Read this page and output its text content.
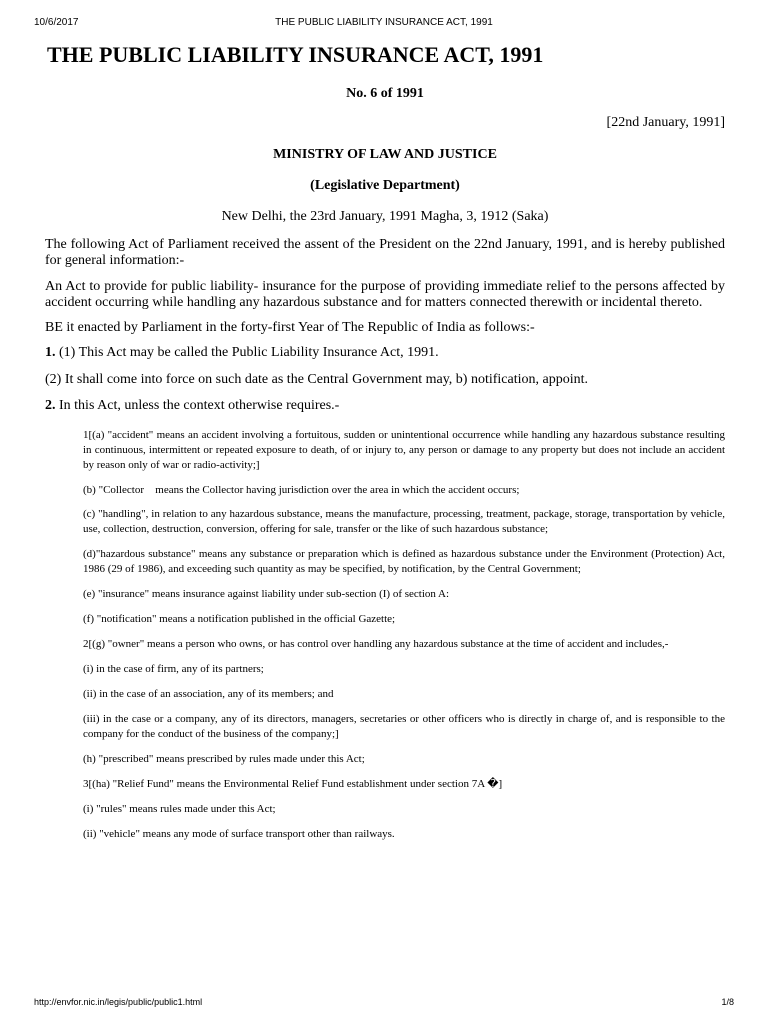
10/6/2017	THE PUBLIC LIABILITY INSURANCE ACT, 1991
THE PUBLIC LIABILITY INSURANCE ACT, 1991
No. 6 of 1991
[22nd January, 1991]
MINISTRY OF LAW AND JUSTICE
(Legislative Department)
New Delhi, the 23rd January, 1991 Magha, 3, 1912 (Saka)

The following Act of Parliament received the assent of the President on the 22nd January, 1991, and is hereby published for general information:-

An Act to provide for public liability- insurance for the purpose of providing immediate relief to the persons affected by accident occurring while handling any hazardous substance and for matters connected therewith or incidental thereto.

BE it enacted by Parliament in the forty-first Year of The Republic of India as follows:-

1. (1) This Act may be called the Public Liability Insurance Act, 1991.

(2) It shall come into force on such date as the Central Government may, b) notification, appoint.

2. In this Act, unless the context otherwise requires.-

1[(a) "accident" means an accident involving a fortuitous, sudden or unintentional occurrence while handling any hazardous substance resulting in continuous, intermittent or repeated exposure to death, of or injury to, any person or damage to any property but does not include an accident by reason only of war or radio-activity;]

(b) "Collector  means the Collector having jurisdiction over the area in which the accident occurs;

(c) "handling", in relation to any hazardous substance, means the manufacture, processing, treatment, package, storage, transportation by vehicle, use, collection, destruction, conversion, offering for sale, transfer or the like of such hazardous substance;

(d)"hazardous substance" means any substance or preparation which is defined as hazardous substance under the Environment (Protection) Act, 1986 (29 of 1986), and exceeding such quantity as may be specified, by notification, by the Central Government;

(e) "insurance" means insurance against liability under sub-section (I) of section A:

(f) "notification" means a notification published in the official Gazette;

2[(g) "owner" means a person who owns, or has control over handling any hazardous substance at the time of accident and includes,-

(i) in the case of firm, any of its partners;

(ii) in the case of an association, any of its members; and

(iii) in the case or a company, any of its directors, managers, secretaries or other officers who is directly in charge of, and is responsible to the company for the conduct of the business of the company;]

(h) "prescribed" means prescribed by rules made under this Act;

3[(ha) "Relief Fund" means the Environmental Relief Fund establishment under section 7A �]

(i) "rules" means rules made under this Act;

(ii) "vehicle" means any mode of surface transport other than railways.

http://envfor.nic.in/legis/public/public1.html	1/8
